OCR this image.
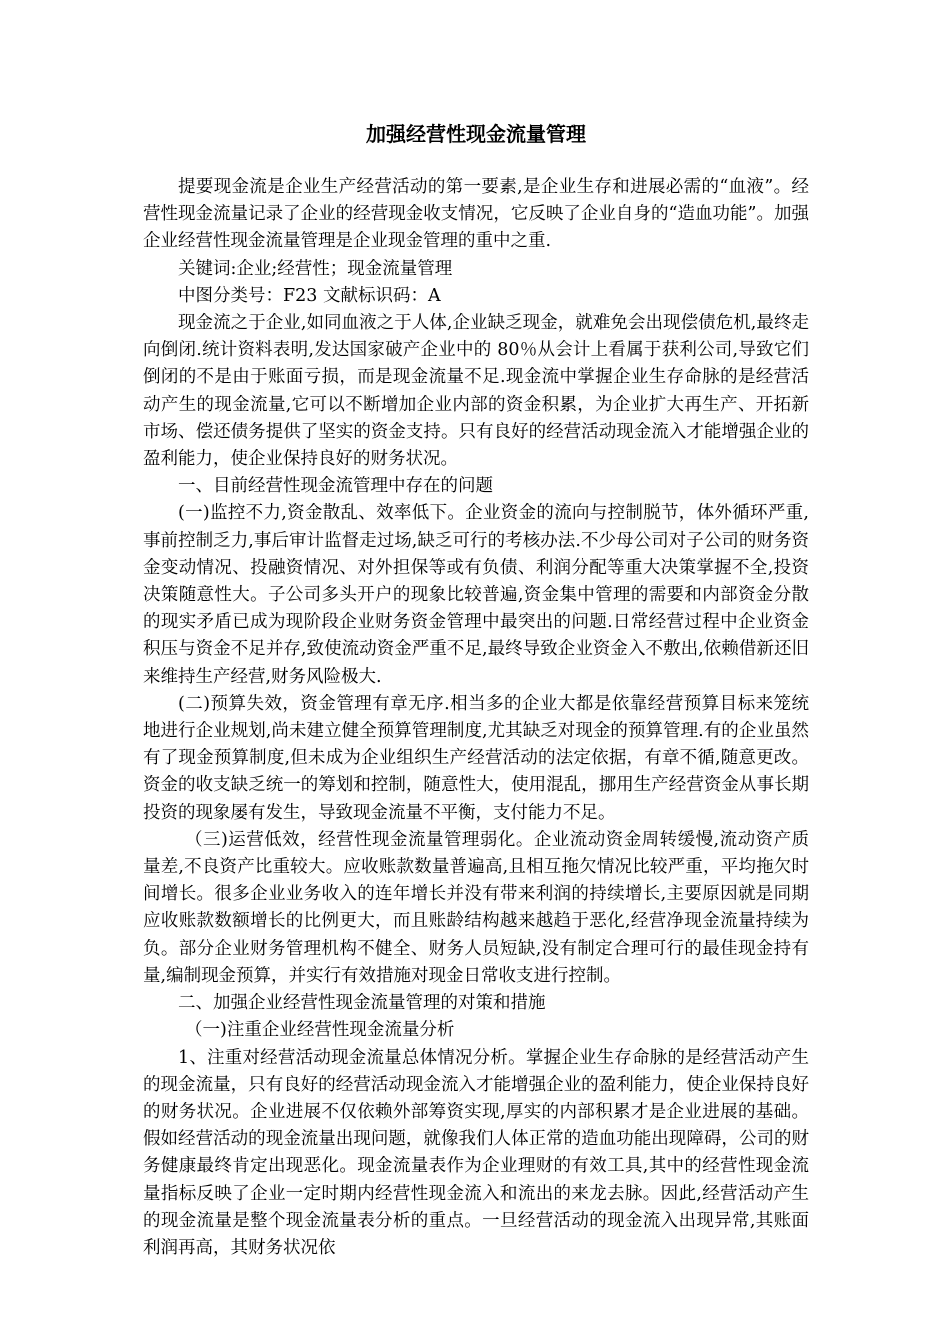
加强经营性现金流量管理

提要现金流是企业生产经营活动的第一要素,是企业生存和进展必需的“血液”。经营性现金流量记录了企业的经营现金收支情况，它反映了企业自身的“造血功能”。加强企业经营性现金流量管理是企业现金管理的重中之重.

关键词:企业;经营性；现金流量管理

中图分类号：F23 文献标识码：A

现金流之于企业,如同血液之于人体,企业缺乏现金，就难免会出现偿债危机,最终走向倒闭.统计资料表明,发达国家破产企业中的 80％从会计上看属于获利公司,导致它们倒闭的不是由于账面亏损，而是现金流量不足.现金流中掌握企业生存命脉的是经营活动产生的现金流量,它可以不断增加企业内部的资金积累，为企业扩大再生产、开拓新市场、偿还债务提供了坚实的资金支持。只有良好的经营活动现金流入才能增强企业的盈利能力，使企业保持良好的财务状况。

一、目前经营性现金流管理中存在的问题

(一)监控不力,资金散乱、效率低下。企业资金的流向与控制脱节，体外循环严重,事前控制乏力,事后审计监督走过场,缺乏可行的考核办法.不少母公司对子公司的财务资金变动情况、投融资情况、对外担保等或有负债、利润分配等重大决策掌握不全,投资决策随意性大。子公司多头开户的现象比较普遍,资金集中管理的需要和内部资金分散的现实矛盾已成为现阶段企业财务资金管理中最突出的问题.日常经营过程中企业资金积压与资金不足并存,致使流动资金严重不足,最终导致企业资金入不敷出,依赖借新还旧来维持生产经营,财务风险极大.

(二)预算失效，资金管理有章无序.相当多的企业大都是依靠经营预算目标来笼统地进行企业规划,尚未建立健全预算管理制度,尤其缺乏对现金的预算管理.有的企业虽然有了现金预算制度,但未成为企业组织生产经营活动的法定依据，有章不循,随意更改。资金的收支缺乏统一的筹划和控制，随意性大，使用混乱，挪用生产经营资金从事长期投资的现象屡有发生，导致现金流量不平衡，支付能力不足。

（三)运营低效，经营性现金流量管理弱化。企业流动资金周转缓慢,流动资产质量差,不良资产比重较大。应收账款数量普遍高,且相互拖欠情况比较严重，平均拖欠时间增长。很多企业业务收入的连年增长并没有带来利润的持续增长,主要原因就是同期应收账款数额增长的比例更大，而且账龄结构越来越趋于恶化,经营净现金流量持续为负。部分企业财务管理机构不健全、财务人员短缺,没有制定合理可行的最佳现金持有量,编制现金预算，并实行有效措施对现金日常收支进行控制。

二、加强企业经营性现金流量管理的对策和措施

（一)注重企业经营性现金流量分析

1、注重对经营活动现金流量总体情况分析。掌握企业生存命脉的是经营活动产生的现金流量，只有良好的经营活动现金流入才能增强企业的盈利能力，使企业保持良好的财务状况。企业进展不仅依赖外部筹资实现,厚实的内部积累才是企业进展的基础。假如经营活动的现金流量出现问题，就像我们人体正常的造血功能出现障碍，公司的财务健康最终肯定出现恶化。现金流量表作为企业理财的有效工具,其中的经营性现金流量指标反映了企业一定时期内经营性现金流入和流出的来龙去脉。因此,经营活动产生的现金流量是整个现金流量表分析的重点。一旦经营活动的现金流入出现异常,其账面利润再高，其财务状况依
